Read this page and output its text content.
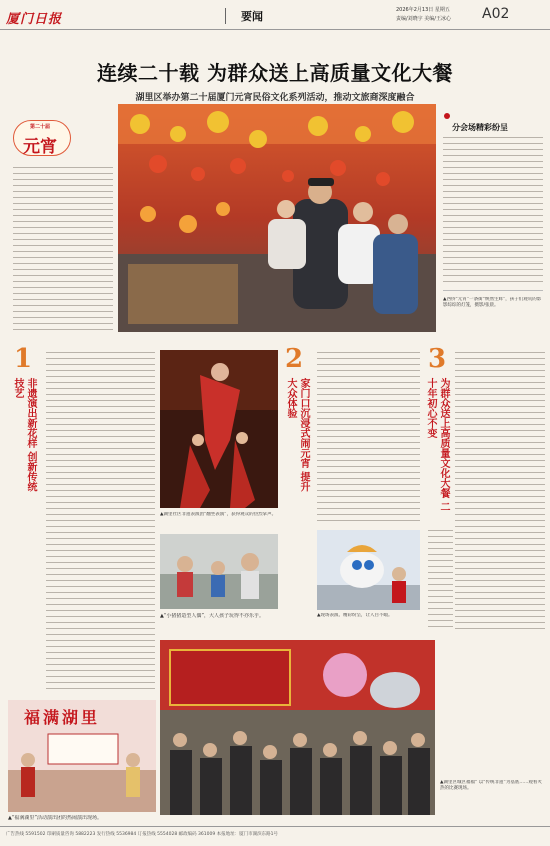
厦门日报	要闻	2026年2月13日 星期五
责编/刘晓宇 美编/王冰心 A02
连续二十载 为群众送上高质量文化大餐
湖里区举办第二十届厦门元宵民俗文化系列活动，推动文旅商深度融合
第二十届
元宵
分会场精彩纷呈
▲西侨“元宵”一条街“焕然生辉”，孩子们观赏的影影综综的灯笼，摄影/张晨。
1
非遗演出新花样 创新传统技艺
▲湖里社区非遗表演团“翻坐表演”，获得观众的热烈掌声。
▲“小猪猪造型人偶”，大人孩子玩得不亦乐乎。
2
家门口沉浸式闹元宵 提升大众体验
▲现场表演、精彩纷呈，让人目不暇。
3
为群众送上高质量文化大餐 二十年初心不变
福满湖里
▲“福满湖里”活动演出团的热闹演出现场。
▲湖里区城区福福“ 以“传统非遗”为基底……观看火热的比赛现场。
广告热线 5591502 印刷质量咨询 5882223 发行热线 5536984 订报热线 5554028 邮政编码 361009 本报地址：厦门市湖滨东路1号
